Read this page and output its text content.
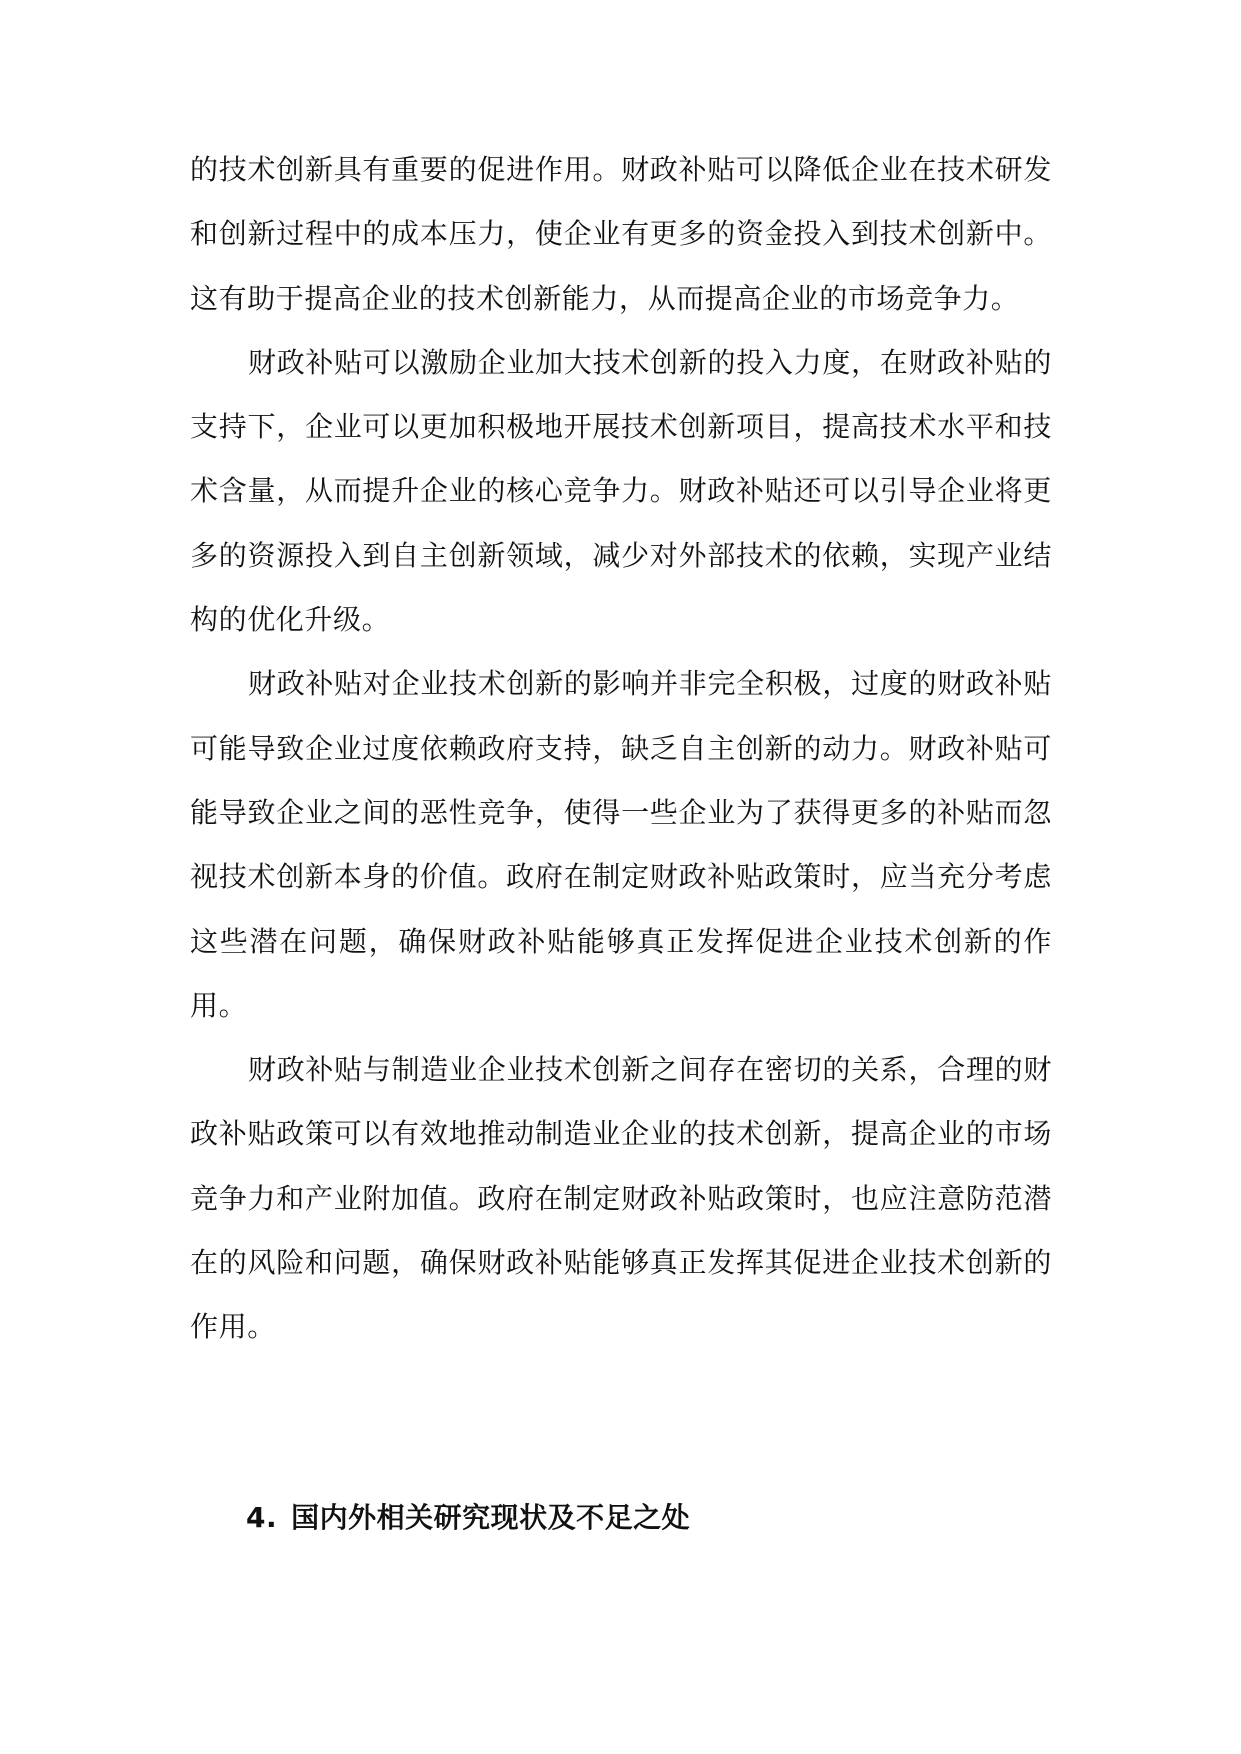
的技术创新具有重要的促进作用。财政补贴可以降低企业在技术研发和创新过程中的成本压力，使企业有更多的资金投入到技术创新中。这有助于提高企业的技术创新能力，从而提高企业的市场竞争力。

财政补贴可以激励企业加大技术创新的投入力度，在财政补贴的支持下，企业可以更加积极地开展技术创新项目，提高技术水平和技术含量，从而提升企业的核心竞争力。财政补贴还可以引导企业将更多的资源投入到自主创新领域，减少对外部技术的依赖，实现产业结构的优化升级。

财政补贴对企业技术创新的影响并非完全积极，过度的财政补贴可能导致企业过度依赖政府支持，缺乏自主创新的动力。财政补贴可能导致企业之间的恶性竞争，使得一些企业为了获得更多的补贴而忽视技术创新本身的价值。政府在制定财政补贴政策时，应当充分考虑这些潜在问题，确保财政补贴能够真正发挥促进企业技术创新的作用。

财政补贴与制造业企业技术创新之间存在密切的关系，合理的财政补贴政策可以有效地推动制造业企业的技术创新，提高企业的市场竞争力和产业附加值。政府在制定财政补贴政策时，也应注意防范潜在的风险和问题，确保财政补贴能够真正发挥其促进企业技术创新的作用。

4. 国内外相关研究现状及不足之处
